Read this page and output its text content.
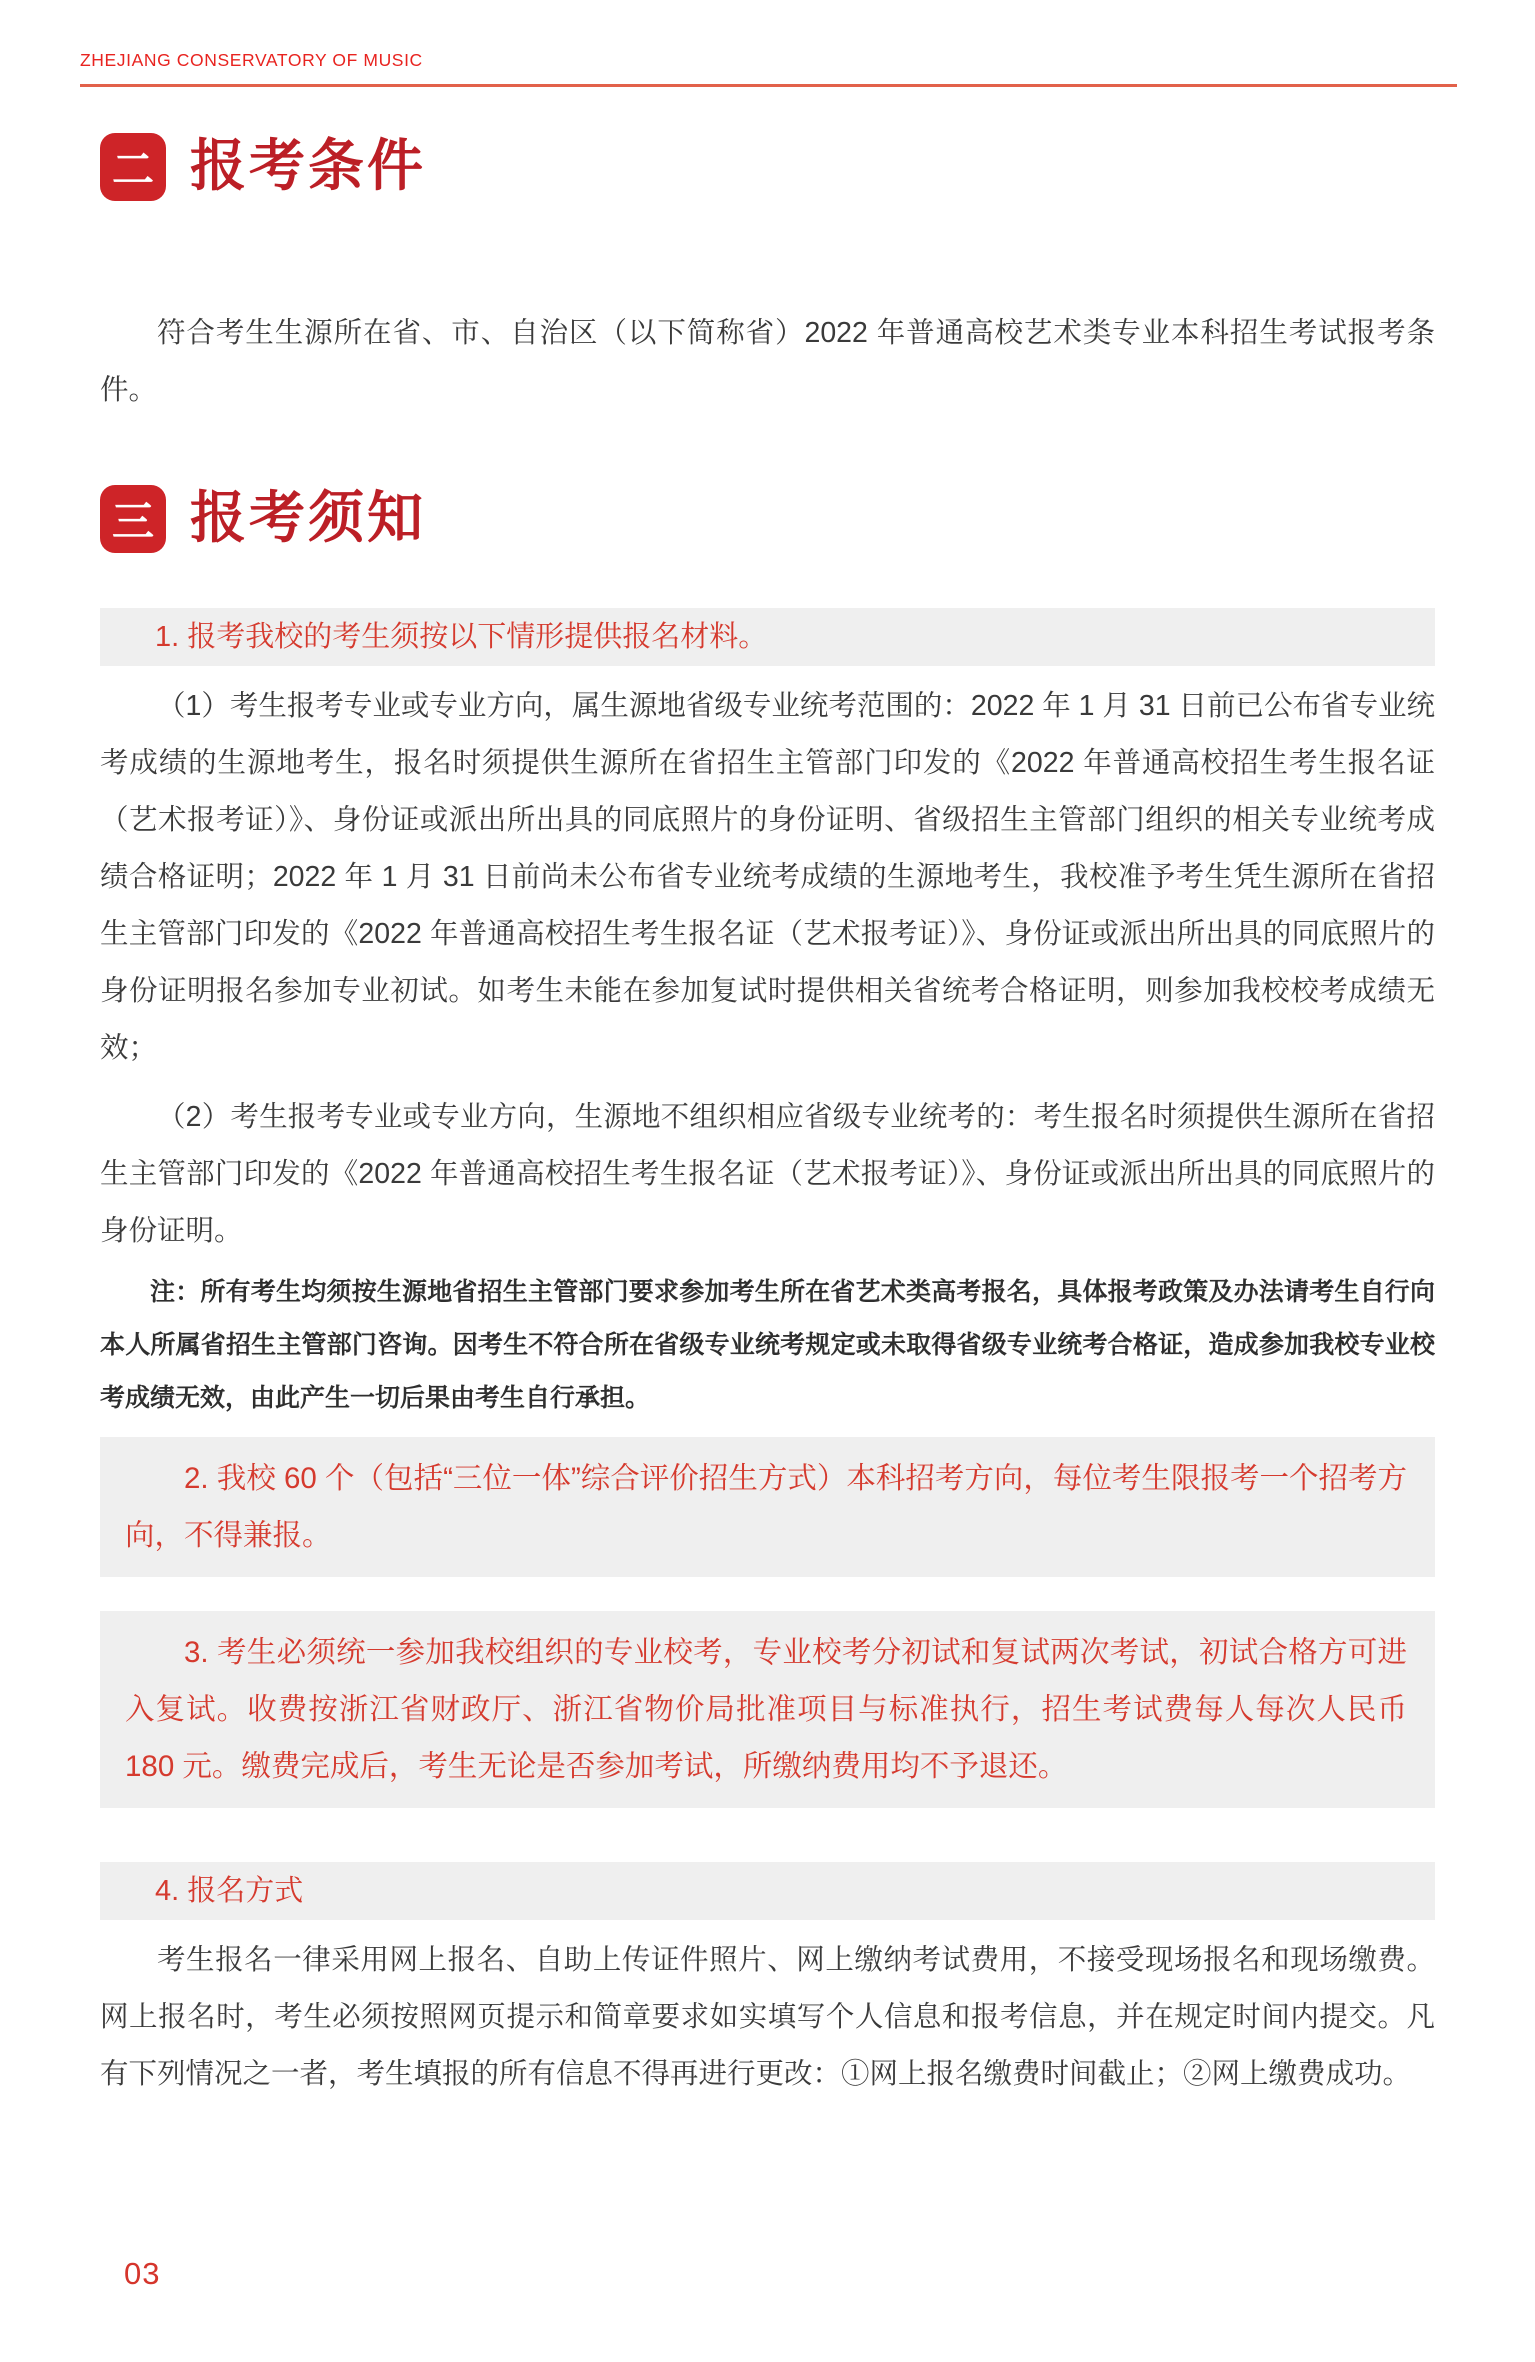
ZHEJIANG CONSERVATORY OF MUSIC
二 报考条件

符合考生生源所在省、市、自治区（以下简称省）2022 年普通高校艺术类专业本科招生考试报考条件。

三 报考须知
1. 报考我校的考生须按以下情形提供报名材料。

（1）考生报考专业或专业方向，属生源地省级专业统考范围的：2022 年 1 月 31 日前已公布省专业统考成绩的生源地考生，报名时须提供生源所在省招生主管部门印发的《2022 年普通高校招生考生报名证（艺术报考证）》、身份证或派出所出具的同底照片的身份证明、省级招生主管部门组织的相关专业统考成绩合格证明；2022 年 1 月 31 日前尚未公布省专业统考成绩的生源地考生，我校准予考生凭生源所在省招生主管部门印发的《2022 年普通高校招生考生报名证（艺术报考证）》、身份证或派出所出具的同底照片的身份证明报名参加专业初试。如考生未能在参加复试时提供相关省统考合格证明，则参加我校校考成绩无效；

（2）考生报考专业或专业方向，生源地不组织相应省级专业统考的：考生报名时须提供生源所在省招生主管部门印发的《2022 年普通高校招生考生报名证（艺术报考证）》、身份证或派出所出具的同底照片的身份证明。

注：所有考生均须按生源地省招生主管部门要求参加考生所在省艺术类高考报名，具体报考政策及办法请考生自行向本人所属省招生主管部门咨询。因考生不符合所在省级专业统考规定或未取得省级专业统考合格证，造成参加我校专业校考成绩无效，由此产生一切后果由考生自行承担。

2. 我校 60 个（包括“三位一体”综合评价招生方式）本科招考方向，每位考生限报考一个招考方向，不得兼报。
3. 考生必须统一参加我校组织的专业校考，专业校考分初试和复试两次考试，初试合格方可进入复试。收费按浙江省财政厅、浙江省物价局批准项目与标准执行，招生考试费每人每次人民币 180 元。缴费完成后，考生无论是否参加考试，所缴纳费用均不予退还。
4. 报名方式

考生报名一律采用网上报名、自助上传证件照片、网上缴纳考试费用，不接受现场报名和现场缴费。网上报名时，考生必须按照网页提示和简章要求如实填写个人信息和报考信息，并在规定时间内提交。凡有下列情况之一者，考生填报的所有信息不得再进行更改：①网上报名缴费时间截止；②网上缴费成功。

03
